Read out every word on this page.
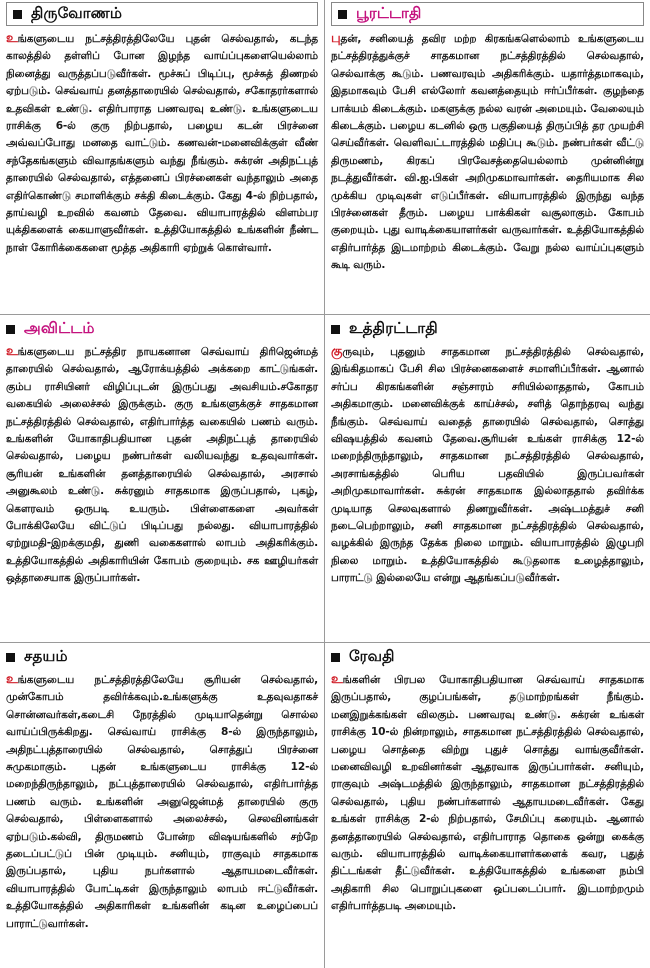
திருவோணம்
உங்களுடைய நட்சத்திரத்திலேயே புதன் செல்வதால், கடந்த காலத்தில் தள்ளிப் போன இழந்த வாய்ப்புகளையெல்லாம் நினைத்து வருத்தப்படுவீர்கள். மூச்சுப் பிடிப்பு, மூச்சுத் திணறல் ஏற்படும். செவ்வாய் தனத்தாரையில் செல்வதால், சகோதரர்களால் உதவிகள் உண்டு. எதிர்பாராத பணவரவு உண்டு. உங்களுடைய ராசிக்கு 6-ல் குரு நிற்பதால், பழைய கடன் பிரச்னை அவ்வப்போது மனதை வாட்டும். கணவன்-மனைவிக்குள் வீண் சந்தேகங்களும் விவாதங்களும் வந்து நீங்கும். சுக்ரன் அதிநட்புத் தாரையில் செல்வதால், எத்தனைப் பிரச்னைகள் வந்தாலும் அதை எதிர்கொண்டு சமாளிக்கும் சக்தி கிடைக்கும். கேது 4-ல் நிற்பதால், தாய்வழி உறவில் கவனம் தேவை. வியாபாரத்தில் விளம்பர யுக்திகளைக் கையாளுவீர்கள். உத்தியோகத்தில் உங்களின் நீண்ட நாள் கோரிக்கைகளை மூத்த அதிகாரி ஏற்றுக் கொள்வார்.
பூரட்டாதி
புதன், சனியைத் தவிர மற்ற கிரகங்களெல்லாம் உங்களுடைய நட்சத்திரத்துக்குச் சாதகமான நட்சத்திரத்தில் செல்வதால், செல்வாக்கு கூடும். பணவரவும் அதிகரிக்கும். யதார்த்தமாகவும், இதமாகவும் பேசி எல்லோர் கவனத்தையும் ஈர்ப்பீர்கள். குழந்தை பாக்யம் கிடைக்கும். மகளுக்கு நல்ல வரன் அமையும். வேலையும் கிடைக்கும். பழைய கடனில் ஒரு பகுதியைத் திருப்பித் தர முயற்சி செய்வீர்கள். வெளிவட்டாரத்தில் மதிப்பு கூடும். நண்பர்கள் வீட்டு திருமணம், கிரகப் பிரவேசத்தையெல்லாம் முன்னின்று நடத்துவீர்கள். வி.ஐ.பிகள் அறிமுகமாவார்கள். தைரியமாக சில முக்கிய முடிவுகள் எடுப்பீர்கள். வியாபாரத்தில் இருந்து வந்த பிரச்னைகள் தீரும். பழைய பாக்கிகள் வசூலாகும். கோபம் குறையும். புது வாடிக்கையாளர்கள் வருவார்கள். உத்தியோகத்தில் எதிர்பார்த்த இடமாற்றம் கிடைக்கும். வேறு நல்ல வாய்ப்புகளும் கூடி வரும்.
அவிட்டம்
உங்களுடைய நட்சத்திர நாயகனான செவ்வாய் திரிஜென்மத் தாரையில் செல்வதால், ஆரோக்யத்தில் அக்கறை காட்டுங்கள். கும்ப ராசியினர் விழிப்புடன் இருப்பது அவசியம்.சகோதர வகையில் அலைச்சல் இருக்கும். குரு உங்களுக்குச் சாதகமான நட்சத்திரத்தில் செல்வதால், எதிர்பார்த்த வகையில் பணம் வரும். உங்களின் யோகாதிபதியான புதன் அதிநட்புத் தாரையில் செல்வதால், பழைய நண்பர்கள் வலியவந்து உதவுவார்கள். சூரியன் உங்களின் தனத்தாரையில் செல்வதால், அரசால் அனுகூலம் உண்டு. சுக்ரனும் சாதகமாக இருப்பதால், புகழ், கௌரவம் ஒருபடி உயரும். பிள்ளைகளை அவர்கள் போக்கிலேயே விட்டுப் பிடிப்பது நல்லது. வியாபாரத்தில் ஏற்றுமதி-இறக்குமதி, துணி வகைகளால் லாபம் அதிகரிக்கும். உத்தியோகத்தில் அதிகாரியின் கோபம் குறையும். சக ஊழியர்கள் ஒத்தாசையாக இருப்பார்கள்.
உத்திரட்டாதி
குருவும், புதனும் சாதகமான நட்சத்திரத்தில் செல்வதால், இங்கிதமாகப் பேசி சில பிரச்னைகளைச் சமாளிப்பீர்கள். ஆனால் சர்ப்ப கிரகங்களின் சஞ்சாரம் சரியில்லாததால், கோபம் அதிகமாகும். மனைவிக்குக் காய்ச்சல், சளித் தொந்தரவு வந்து நீங்கும். செவ்வாய் வதைத் தாரையில் செல்வதால், சொத்து விஷயத்தில் கவனம் தேவை.சூரியன் உங்கள் ராசிக்கு 12-ல் மறைந்திருந்தாலும், சாதகமான நட்சத்திரத்தில் செல்வதால், அரசாங்கத்தில் பெரிய பதவியில் இருப்பவர்கள் அறிமுகமாவார்கள். சுக்ரன் சாதகமாக இல்லாததால் தவிர்க்க முடியாத செலவுகளால் திணறுவீர்கள். அஷ்டமத்துச் சனி நடைபெற்றாலும், சனி சாதகமான நட்சத்திரத்தில் செல்வதால், வழக்கில் இருந்த தேக்க நிலை மாறும். வியாபாரத்தில் இழுபறி நிலை மாறும். உத்தியோகத்தில் கூடுதலாக உழைத்தாலும், பாராட்டு இல்லையே என்று ஆதங்கப்படுவீர்கள்.
சதயம்
உங்களுடைய நட்சத்திரத்திலேயே சூரியன் செல்வதால், முன்கோபம் தவிர்க்கவும்.உங்களுக்கு உதவுவதாகச் சொன்னவர்கள்,கடைசி நேரத்தில் முடியாதென்று சொல்ல வாய்ப்பிருக்கிறது. செவ்வாய் ராசிக்கு 8-ல் இருந்தாலும், அதிநட்புத்தாரையில் செல்வதால், சொத்துப் பிரச்னை சுமுகமாகும். புதன் உங்களுடைய ராசிக்கு 12-ல் மறைந்திருந்தாலும், நட்புத்தாரையில் செல்வதால், எதிர்பார்த்த பணம் வரும். உங்களின் அனுஜென்மத் தாரையில் குரு செல்வதால், பிள்ளைகளால் அலைச்சல், செலவினங்கள் ஏற்படும்.கல்வி, திருமணம் போன்ற விஷயங்களில் சற்றே தடைப்பட்டுப் பின் முடியும். சனியும், ராகுவும் சாதகமாக இருப்பதால், புதிய நபர்களால் ஆதாயமடைவீர்கள். வியாபாரத்தில் போட்டிகள் இருந்தாலும் லாபம் ஈட்டுவீர்கள். உத்தியோகத்தில் அதிகாரிகள் உங்களின் கடின உழைப்பைப் பாராட்டுவார்கள்.
ரேவதி
உங்களின் பிரபல யோகாதிபதியான செவ்வாய் சாதகமாக இருப்பதால், குழப்பங்கள், தடுமாற்றங்கள் நீங்கும். மனஇறுக்கங்கள் விலகும். பணவரவு உண்டு. சுக்ரன் உங்கள் ராசிக்கு 10-ல் நின்றாலும், சாதகமான நட்சத்திரத்தில் செல்வதால், பழைய சொத்தை விற்று புதுச் சொத்து வாங்குவீர்கள். மனைவிவழி உறவினர்கள் ஆதரவாக இருப்பார்கள். சனியும், ராகுவும் அஷ்டமத்தில் இருந்தாலும், சாதகமான நட்சத்திரத்தில் செல்வதால், புதிய நண்பர்களால் ஆதாயமடைவீர்கள். கேது உங்கள் ராசிக்கு 2-ல் நிற்பதால், சேமிப்பு கரையும். ஆனால் தனத்தாரையில் செல்வதால், எதிர்பாராத தொகை ஒன்று கைக்கு வரும். வியாபாரத்தில் வாடிக்கையாளர்களைக் கவர, புதுத் திட்டங்கள் தீட்டுவீர்கள். உத்தியோகத்தில் உங்களை நம்பி அதிகாரி சில பொறுப்புகளை ஒப்படைப்பார். இடமாற்றமும் எதிர்பார்த்தபடி அமையும்.
